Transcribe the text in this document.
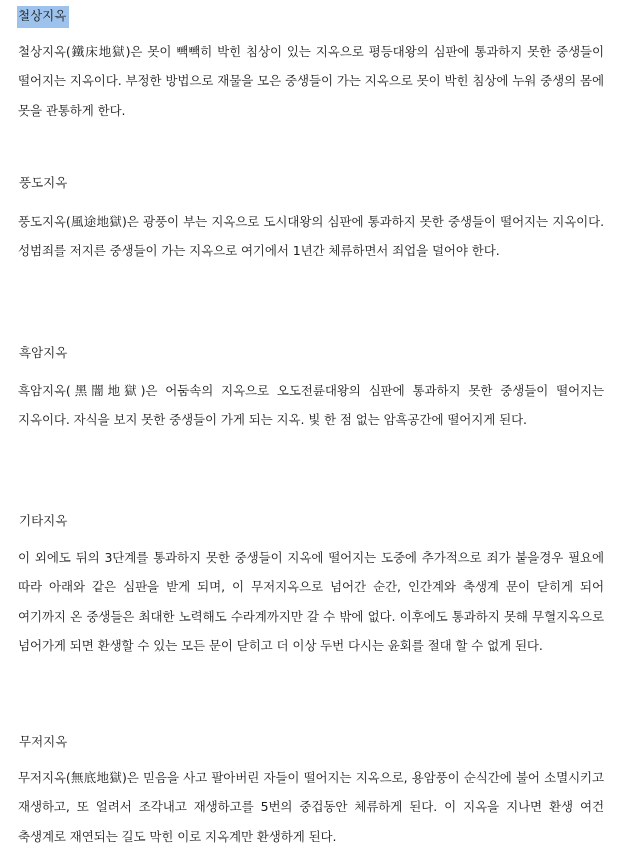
철상지옥

철상지옥(鐵床地獄)은 못이 빽빽히 박힌 침상이 있는 지옥으로 평등대왕의 심판에 통과하지 못한 중생들이 떨어지는 지옥이다. 부정한 방법으로 재물을 모은 중생들이 가는 지옥으로 못이 박힌 침상에 누워 중생의 몸에 못을 관통하게 한다.

풍도지옥

풍도지옥(風途地獄)은 광풍이 부는 지옥으로 도시대왕의 심판에 통과하지 못한 중생들이 떨어지는 지옥이다. 성범죄를 저지른 중생들이 가는 지옥으로 여기에서 1년간 체류하면서 죄업을 덜어야 한다.

흑암지옥

흑암지옥(黑闇地獄)은 어둠속의 지옥으로 오도전륜대왕의 심판에 통과하지 못한 중생들이 떨어지는 지옥이다. 자식을 보지 못한 중생들이 가게 되는 지옥. 빛 한 점 없는 암흑공간에 떨어지게 된다.

기타지옥

이 외에도 뒤의 3단계를 통과하지 못한 중생들이 지옥에 떨어지는 도중에 추가적으로 죄가 붙을경우 필요에 따라 아래와 같은 심판을 받게 되며, 이 무저지옥으로 넘어간 순간, 인간계와 축생계 문이 닫히게 되어 여기까지 온 중생들은 최대한 노력해도 수라계까지만 갈 수 밖에 없다. 이후에도 통과하지 못해 무혈지옥으로 넘어가게 되면 환생할 수 있는 모든 문이 닫히고 더 이상 두번 다시는 윤회를 절대 할 수 없게 된다.

무저지옥

무저지옥(無底地獄)은 믿음을 사고 팔아버린 자들이 떨어지는 지옥으로, 용암풍이 순식간에 불어 소멸시키고 재생하고, 또 얼려서 조각내고 재생하고를 5번의 중겁동안 체류하게 된다. 이 지옥을 지나면 환생 여건 축생계로 재연되는 길도 막힌 이로 지옥계만 환생하게 된다.
